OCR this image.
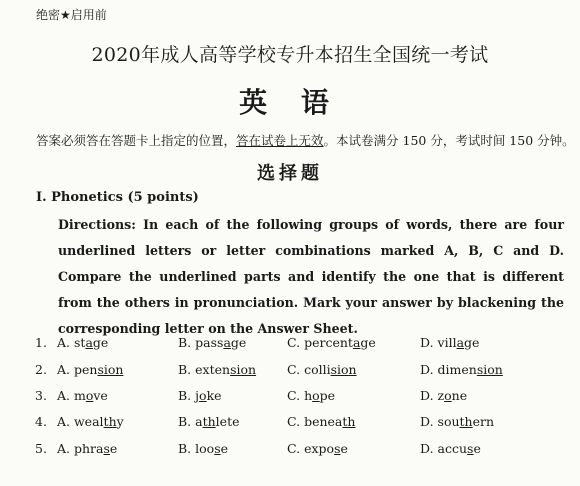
绝密★启用前
2020年成人高等学校专升本招生全国统一考试
英 语
答案必须答在答题卡上指定的位置，答在试卷上无效。本试卷满分 150 分，考试时间 150 分钟。
选择题
I. Phonetics (5 points)
Directions: In each of the following groups of words, there are four underlined letters or letter combinations marked A, B, C and D. Compare the underlined parts and identify the one that is different from the others in pronunciation. Mark your answer by blackening the corresponding letter on the Answer Sheet.
1. A. stage	B. passage	C. percentage	D. village
2. A. pension	B. extension C. collision	D. dimension
3. A. move	B. joke	C. hope	D. zone
4. A. wealthy	B. athlete	C. beneath	D. southern
5. A. phrase	B. loose	C. expose	D. accuse
